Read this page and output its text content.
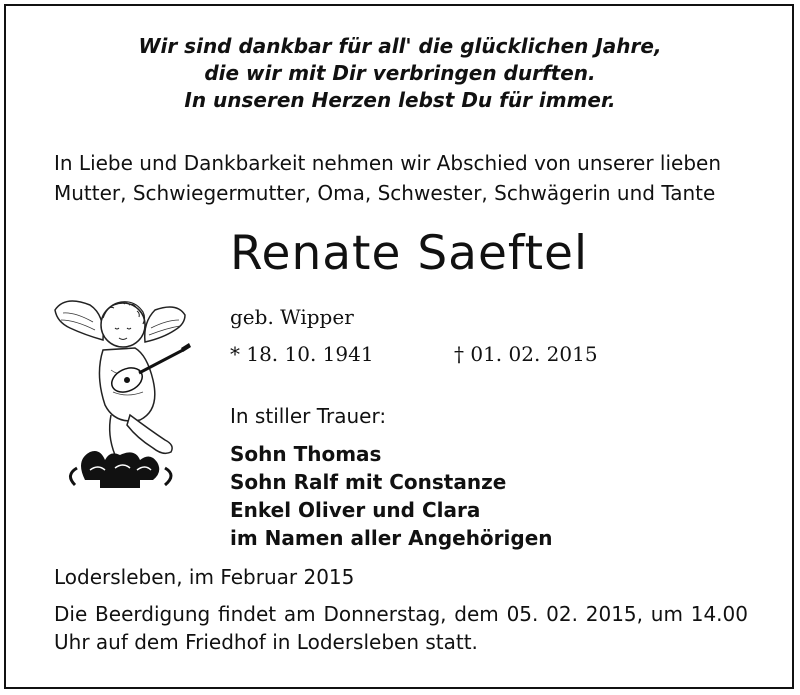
Wir sind dankbar für all' die glücklichen Jahre,
die wir mit Dir verbringen durften.
In unseren Herzen lebst Du für immer.
In Liebe und Dankbarkeit nehmen wir Abschied von unserer lieben
Mutter, Schwiegermutter, Oma, Schwester, Schwägerin und Tante
Renate Saeftel
geb. Wipper
* 18. 10. 1941	† 01. 02. 2015
In stiller Trauer:
Sohn Thomas
Sohn Ralf mit Constanze
Enkel Oliver und Clara
im Namen aller Angehörigen
Lodersleben, im Februar 2015
Die Beerdigung findet am Donnerstag, dem 05. 02. 2015, um 14.00 Uhr auf dem Friedhof in Lodersleben statt.
